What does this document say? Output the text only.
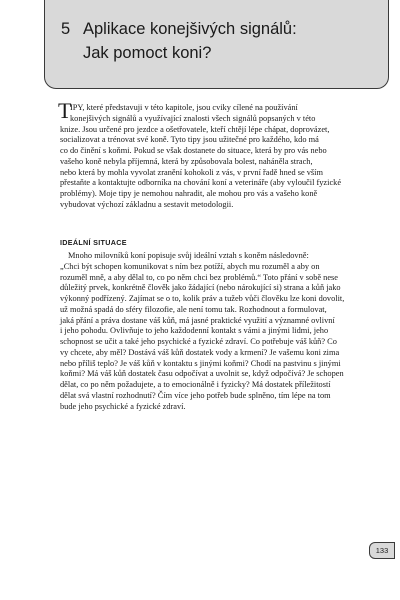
5 Aplikace konejšivých signálů:
Jak pomoct koni?
T
IPY, které představuji v této kapitole, jsou cviky cílené na používání
konejšivých signálů a využívající znalosti všech signálů popsaných v této
knize. Jsou určené pro jezdce a ošetřovatele, kteří chtějí lépe chápat, doprovázet,
socializovat a trénovat své koně. Tyto tipy jsou užitečné pro každého, kdo má
co do činění s koňmi. Pokud se však dostanete do situace, která by pro vás nebo
vašeho koně nebyla příjemná, která by způsobovala bolest, nahánělа strach,
nebo která by mohla vyvolat zranění kohokoli z vás, v první řadě hned se vším
přestaňte a kontaktujte odborníka na chování koní a veterináře (aby vyloučil fyzické
problémy). Moje tipy je nemohou nahradit, ale mohou pro vás a vašeho koně
vybudovat výchozí základnu a sestavit metodologii.
IDEÁLNÍ SITUACE
Mnoho milovníků koní popisuje svůj ideální vztah s koněm následovně:
„Chci být schopen komunikovat s ním bez potíží, abych mu rozuměl a aby on
rozuměl mně, a aby dělal to, co po něm chci bez problémů.“ Toto přání v sobě nese
důležitý prvek, konkrétně člověk jako žádající (nebo nárokující si) strana a kůň jako
výkonný podřízený. Zajímat se o to, kolik práv a tužeb vůči člověku lze koni dovolit,
už možná spadá do sféry filozofie, ale není tomu tak. Rozhodnout a formulovat,
jaká přání a práva dostane váš kůň, má jasné praktické využití a významné ovlivní
i jeho pohodu. Ovlivňuje to jeho každodenní kontakt s vámi a jinými lidmi, jeho
schopnost se učit a také jeho psychické a fyzické zdraví. Co potřebuje váš kůň? Co
vy chcete, aby měl? Dostává váš kůň dostatek vody a krmení? Je vašemu koni zima
nebo příliš teplo? Je váš kůň v kontaktu s jinými koňmi? Chodí na pastvinu s jinými
koňmi? Má váš kůň dostatek času odpočívat a uvolnit se, když odpočívá? Je schopen
dělat, co po něm požadujete, a to emocionálně i fyzicky? Má dostatek příležitostí
dělat svá vlastní rozhodnutí? Čím více jeho potřeb bude splněno, tím lépe na tom
bude jeho psychické a fyzické zdraví.
133
